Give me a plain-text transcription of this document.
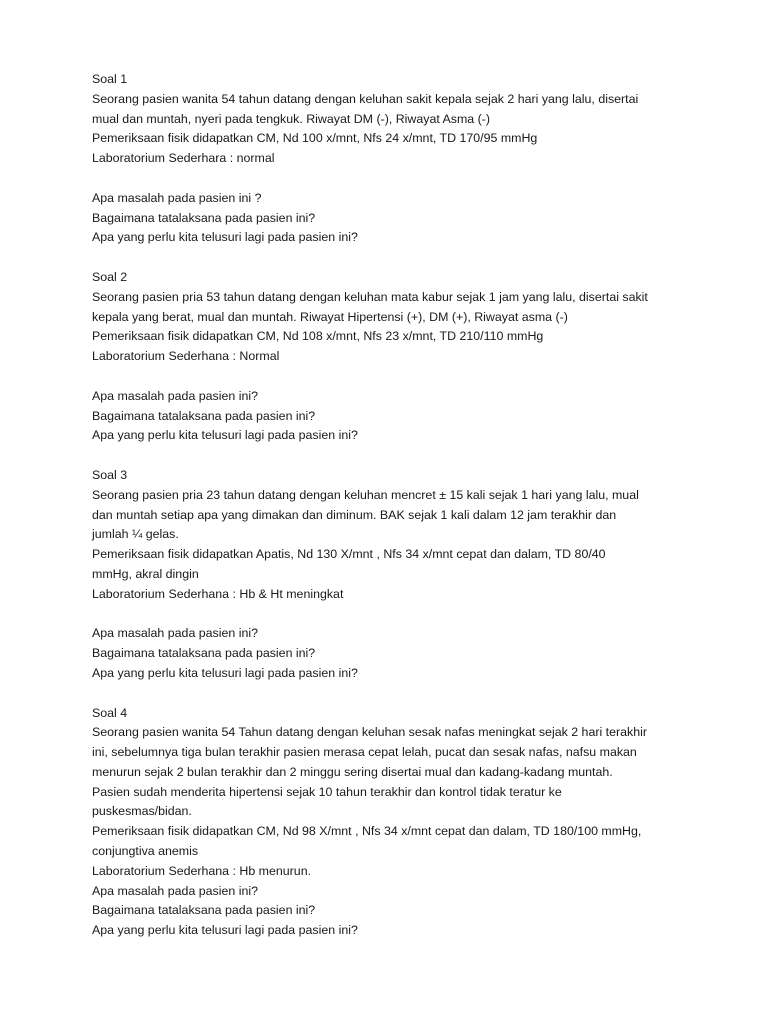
Soal 1
Seorang pasien wanita 54 tahun datang dengan keluhan sakit kepala sejak 2 hari yang lalu, disertai
mual dan muntah, nyeri pada tengkuk. Riwayat DM (-), Riwayat Asma (-)
Pemeriksaan fisik didapatkan CM, Nd 100 x/mnt, Nfs 24 x/mnt, TD 170/95 mmHg
Laboratorium Sederhara : normal
Apa masalah pada pasien ini ?
Bagaimana tatalaksana pada pasien ini?
Apa yang perlu kita telusuri lagi pada pasien ini?
Soal 2
Seorang pasien pria 53 tahun datang dengan keluhan mata kabur sejak 1 jam yang lalu, disertai sakit
kepala yang berat, mual dan muntah. Riwayat Hipertensi (+), DM (+), Riwayat asma (-)
Pemeriksaan fisik didapatkan CM, Nd 108 x/mnt, Nfs 23 x/mnt, TD 210/110 mmHg
Laboratorium Sederhana : Normal
Apa masalah pada pasien ini?
Bagaimana tatalaksana pada pasien ini?
Apa yang perlu kita telusuri lagi pada pasien ini?
Soal 3
Seorang pasien pria 23 tahun datang dengan keluhan mencret ± 15 kali sejak 1 hari yang lalu, mual
dan muntah setiap apa yang dimakan dan diminum. BAK sejak 1 kali dalam 12 jam terakhir dan
jumlah ¼ gelas.
Pemeriksaan fisik didapatkan Apatis, Nd 130 X/mnt , Nfs 34 x/mnt cepat dan dalam, TD 80/40
mmHg, akral dingin
Laboratorium Sederhana : Hb & Ht meningkat
Apa masalah pada pasien ini?
Bagaimana tatalaksana pada pasien ini?
Apa yang perlu kita telusuri lagi pada pasien ini?
Soal 4
Seorang pasien wanita 54 Tahun datang dengan keluhan sesak nafas meningkat sejak 2 hari terakhir
ini, sebelumnya tiga bulan terakhir pasien merasa cepat lelah, pucat dan sesak nafas, nafsu makan
menurun sejak 2 bulan terakhir dan 2 minggu sering disertai mual dan kadang-kadang muntah.
Pasien sudah menderita hipertensi sejak 10 tahun terakhir dan kontrol tidak teratur ke
puskesmas/bidan.
Pemeriksaan fisik didapatkan CM, Nd 98 X/mnt , Nfs 34 x/mnt cepat dan dalam, TD 180/100 mmHg,
conjungtiva anemis
Laboratorium Sederhana : Hb menurun.
Apa masalah pada pasien ini?
Bagaimana tatalaksana pada pasien ini?
Apa yang perlu kita telusuri lagi pada pasien ini?
